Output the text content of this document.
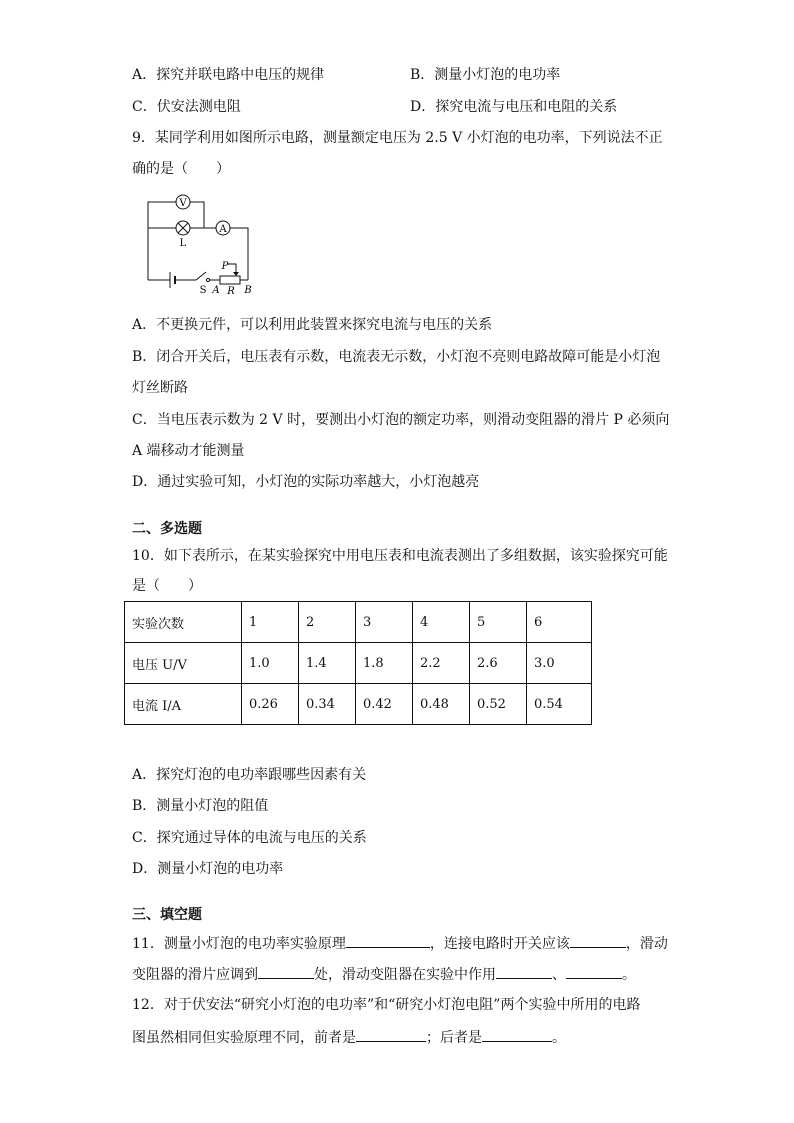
A．探究并联电路中电压的规律	B．测量小灯泡的电功率
C．伏安法测电阻	D．探究电流与电压和电阻的关系
9．某同学利用如图所示电路，测量额定电压为 2.5 V 小灯泡的电功率，下列说法不正
确的是（　　）
V
L
A
P
S A R B
A．不更换元件，可以利用此装置来探究电流与电压的关系
B．闭合开关后，电压表有示数，电流表无示数，小灯泡不亮则电路故障可能是小灯泡
灯丝断路
C．当电压表示数为 2 V 时，要测出小灯泡的额定功率，则滑动变阻器的滑片 P 必须向
A 端移动才能测量
D．通过实验可知，小灯泡的实际功率越大，小灯泡越亮
二、多选题
10．如下表所示，在某实验探究中用电压表和电流表测出了多组数据，该实验探究可能
是（　　）
实验次数	1	2	3	4	5	6
电压 U/V	1.0	1.4	1.8	2.2	2.6	3.0
电流 I/A	0.26	0.34	0.42	0.48	0.52	0.54
A．探究灯泡的电功率跟哪些因素有关
B．测量小灯泡的阻值
C．探究通过导体的电流与电压的关系
D．测量小灯泡的电功率
三、填空题
11．测量小灯泡的电功率实验原理	，连接电路时开关应该	，滑动
变阻器的滑片应调到	处，滑动变阻器在实验中作用	、	。
12．对于伏安法“研究小灯泡的电功率”和“研究小灯泡电阻”两个实验中所用的电路
图虽然相同但实验原理不同，前者是	；后者是	。
